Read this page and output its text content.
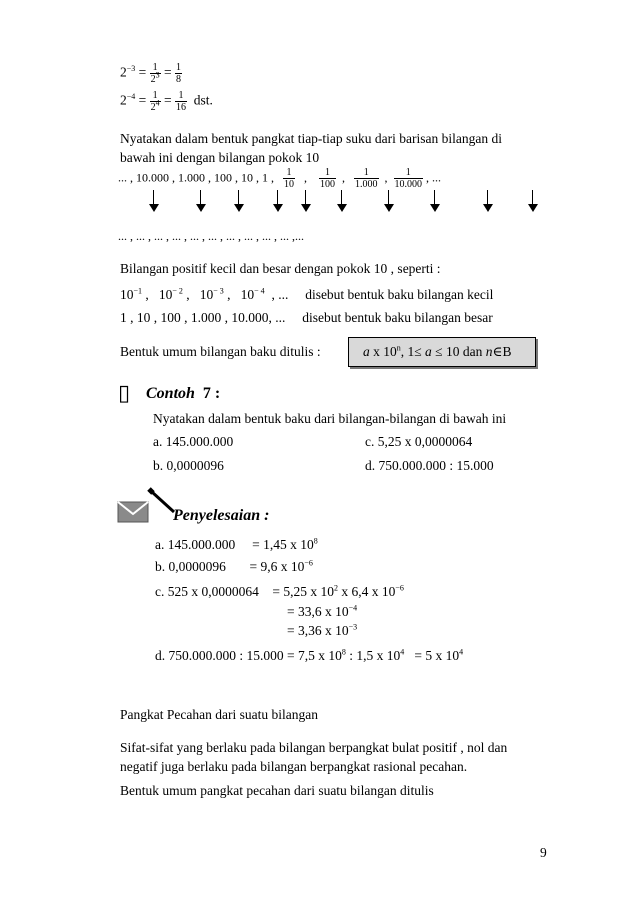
$2^{-3} = \frac{1}{2^3} = \frac{1}{8}$
$2^{-4} = \frac{1}{2^4} = \frac{1}{16}$ dst.
Nyatakan dalam bentuk pangkat tiap-tiap suku dari barisan bilangan di
bawah ini dengan bilangan pokok 10
... , 10.000 , 1.000 , 100 , 10 , 1 , $\frac{1}{10}$ , $\frac{1}{100}$ , $\frac{1}{1.000}$ , $\frac{1}{10.000}$ , ...
... , ... , ... , ... , ... , ... , ... , ... , ... , ... ,...
Bilangan positif kecil dan besar dengan pokok 10 , seperti :
$10^{-1}$ ,   $10^{- 2}$ ,   $10^{- 3}$ ,   $10^{- 4}$ , ... disebut bentuk baku bilangan kecil
1 , 10 , 100 , 1.000 , 10.000, ... disebut bentuk baku bilangan besar
Bentuk umum bilangan baku ditulis :	a x 10$^n$, 1≤ a ≤ 10 dan n∈B
▯ Contoh 7 :
Nyatakan dalam bentuk baku dari bilangan-bilangan di bawah ini
a. 145.000.000	c. 5,25 x 0,0000064
b. 0,0000096	d. 750.000.000 : 15.000
Penyelesaian :
a. 145.000.000 = 1,45 x $10^8$
b. 0,0000096 = 9,6 x $10^{-6}$
c. 525 x 0,0000064 = 5,25 x $10^2$ x 6,4 x $10^{-6}$
= 33,6 x $10^{-4}$
= 3,36 x $10^{-3}$
d. 750.000.000 : 15.000 = 7,5 x $10^8$ : 1,5 x $10^4 = 5$ x $10^4$
Pangkat Pecahan dari suatu bilangan
Sifat-sifat yang berlaku pada bilangan berpangkat bulat positif , nol dan
negatif juga berlaku pada bilangan berpangkat rasional pecahan.
Bentuk umum pangkat pecahan dari suatu bilangan ditulis
9
